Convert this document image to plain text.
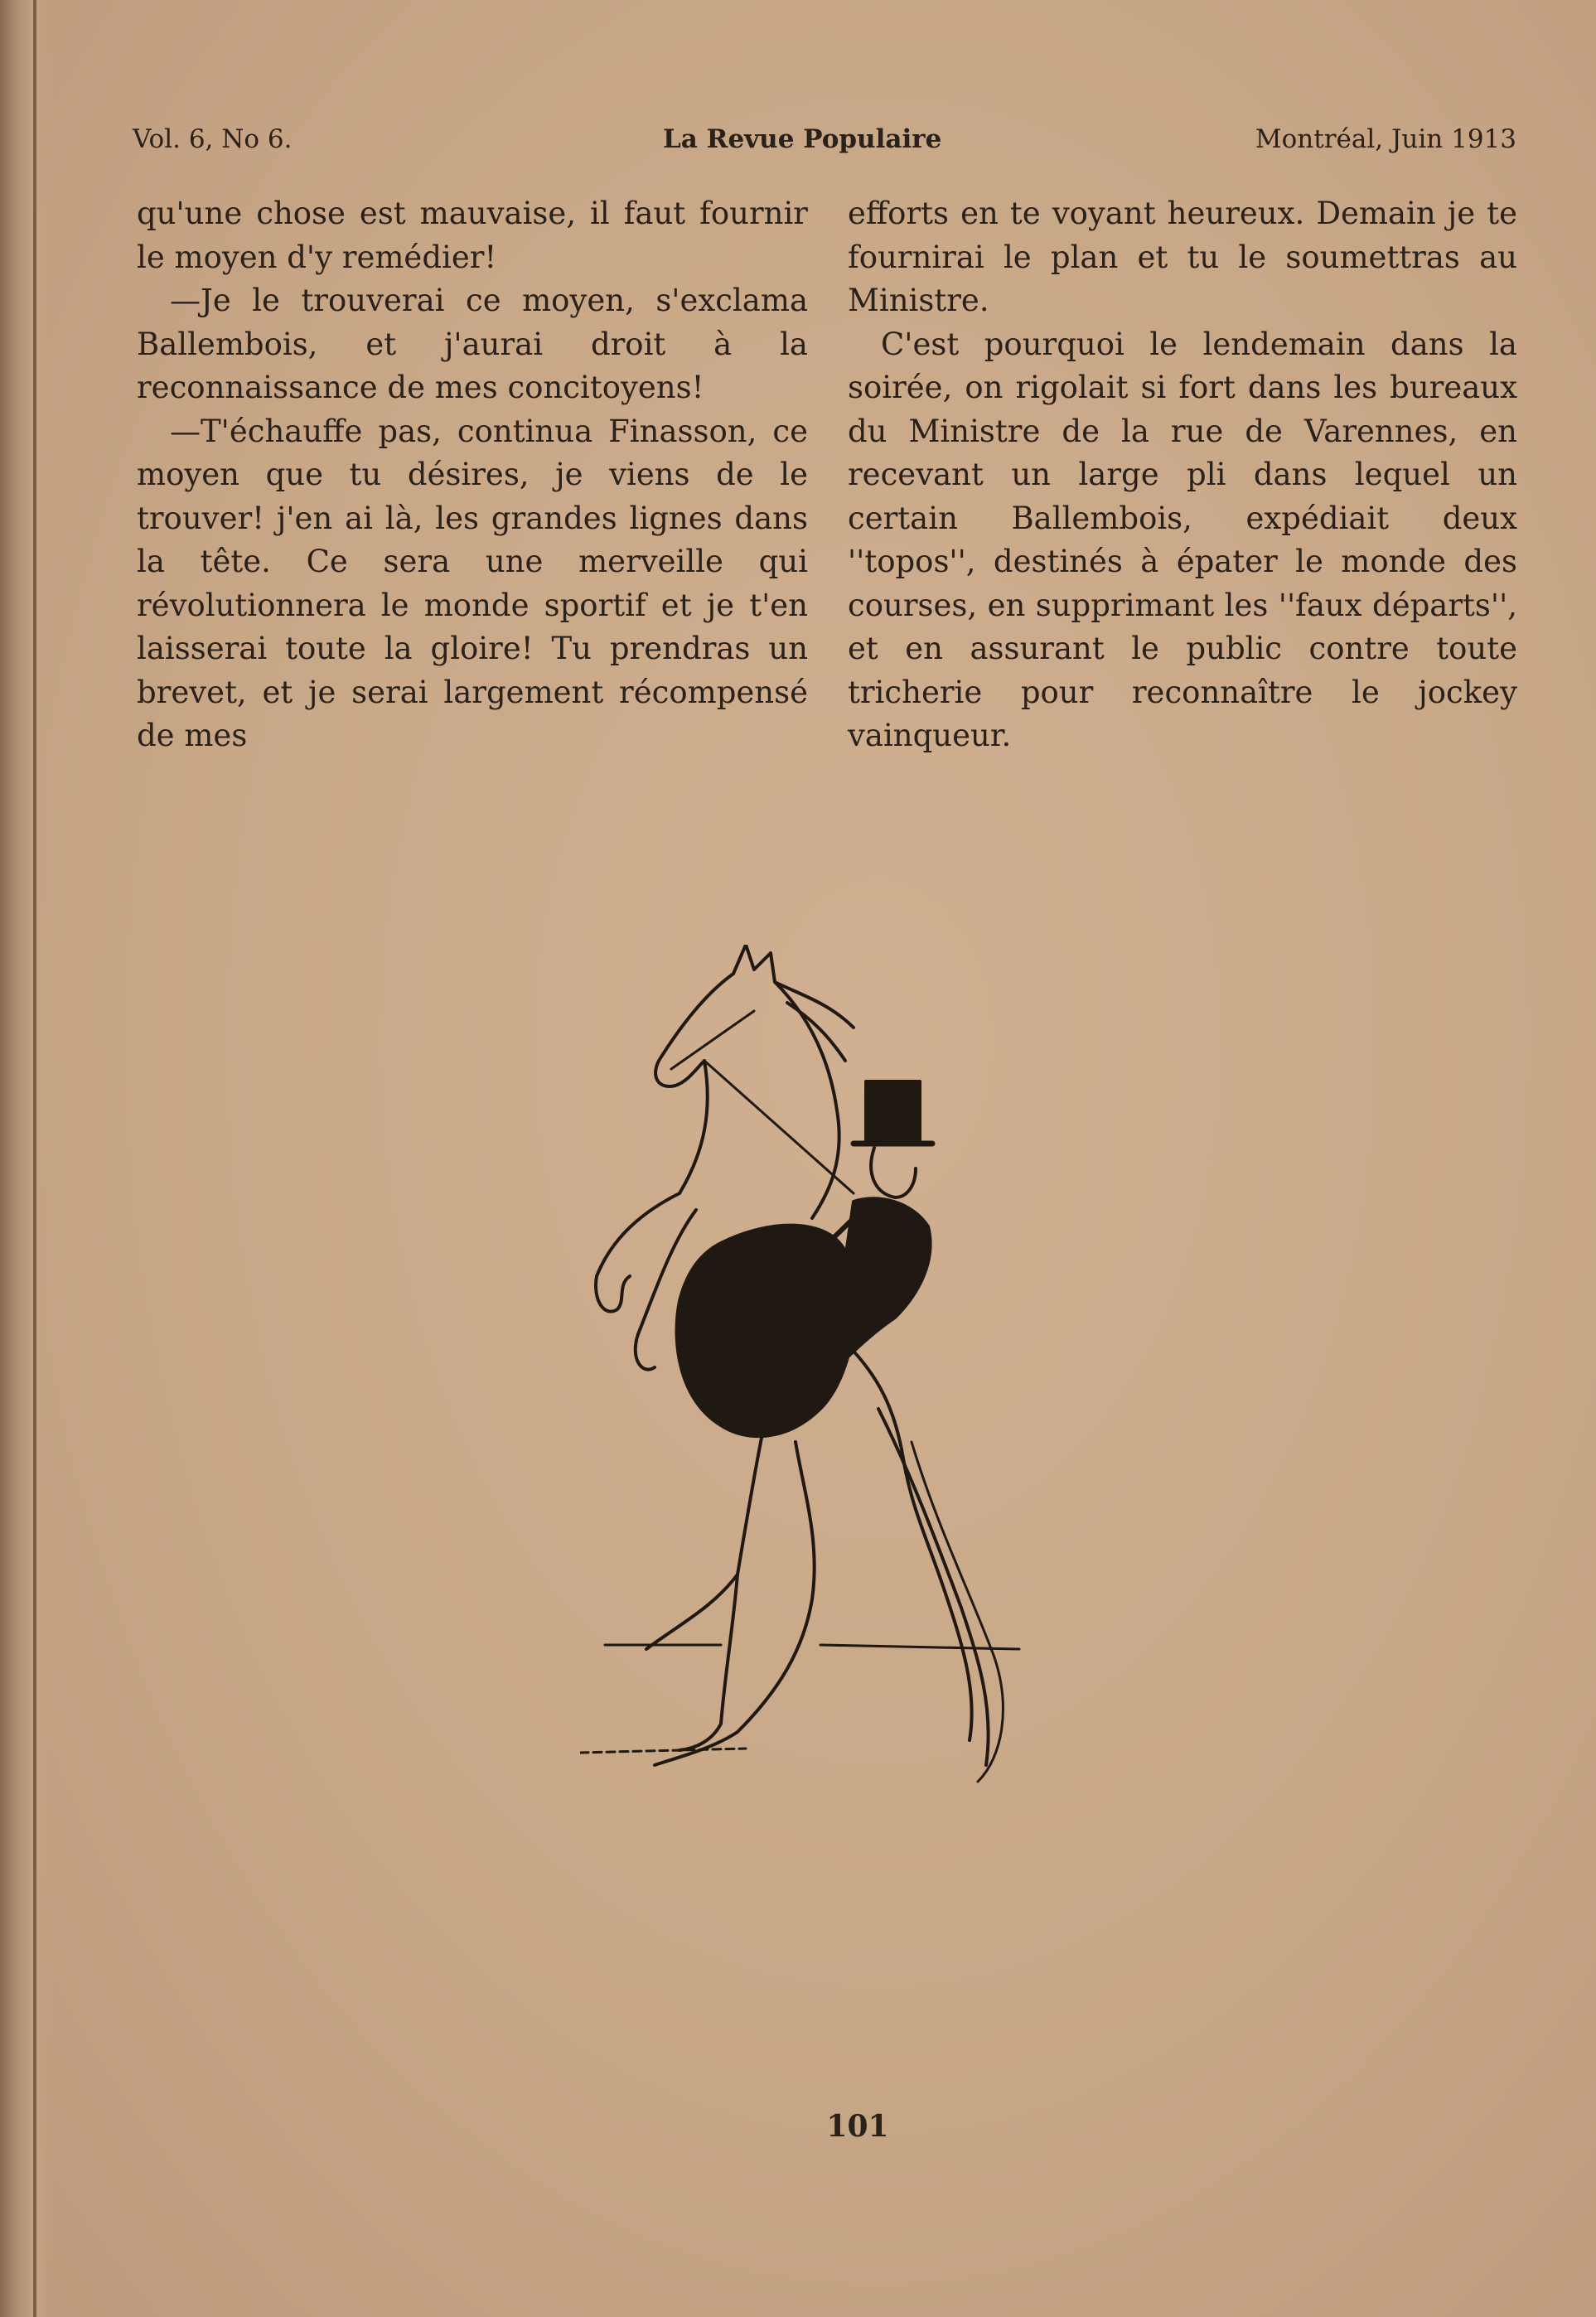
Vol. 6, No 6.	La Revue Populaire	Montréal, Juin 1913

qu'une chose est mauvaise, il faut fournir le moyen d'y remédier!

—Je le trouverai ce moyen, s'exclama Ballembois, et j'aurai droit à la reconnaissance de mes concitoyens!

—T'échauffe pas, continua Finasson, ce moyen que tu désires, je viens de le trouver! j'en ai là, les grandes lignes dans la tête. Ce sera une merveille qui révolutionnera le monde sportif et je t'en laisserai toute la gloire! Tu prendras un brevet, et je serai largement récompensé de mes

efforts en te voyant heureux. Demain je te fournirai le plan et tu le soumettras au Ministre.

C'est pourquoi le lendemain dans la soirée, on rigolait si fort dans les bureaux du Ministre de la rue de Varennes, en recevant un large pli dans lequel un certain Ballembois, expédiait deux ''topos'', destinés à épater le monde des courses, en supprimant les ''faux départs'', et en assurant le public contre toute tricherie pour reconnaître le jockey vainqueur.

101
